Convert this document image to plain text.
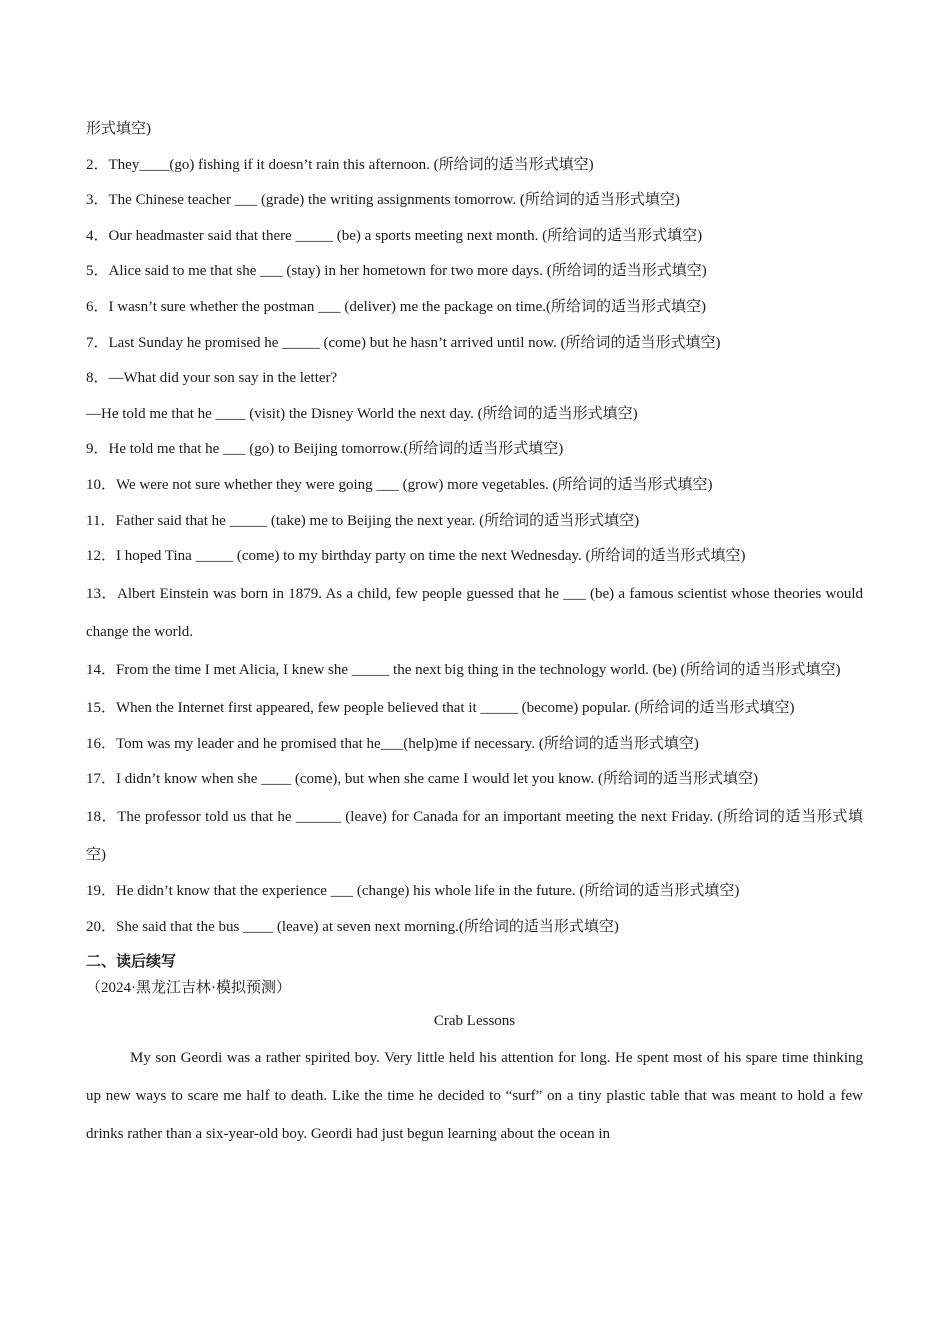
形式填空)
2．They____(go) fishing if it doesn’t rain this afternoon. (所给词的适当形式填空)
3．The Chinese teacher ___ (grade) the writing assignments tomorrow. (所给词的适当形式填空)
4．Our headmaster said that there _____ (be) a sports meeting next month. (所给词的适当形式填空)
5．Alice said to me that she ___ (stay) in her hometown for two more days. (所给词的适当形式填空)
6．I wasn’t sure whether the postman ___ (deliver) me the package on time.(所给词的适当形式填空)
7．Last Sunday he promised he _____ (come) but he hasn’t arrived until now. (所给词的适当形式填空)
8．—What did your son say in the letter?
—He told me that he ____ (visit) the Disney World the next day. (所给词的适当形式填空)
9．He told me that he ___ (go) to Beijing tomorrow.(所给词的适当形式填空)
10．We were not sure whether they were going ___ (grow) more vegetables. (所给词的适当形式填空)
11．Father said that he _____ (take) me to Beijing the next year. (所给词的适当形式填空)
12．I hoped Tina _____ (come) to my birthday party on time the next Wednesday. (所给词的适当形式填空)
13．Albert Einstein was born in 1879. As a child, few people guessed that he ___ (be) a famous scientist whose theories would change the world.
14．From the time I met Alicia, I knew she _____ the next big thing in the technology world. (be) (所给词的适当形式填空)
15．When the Internet first appeared, few people believed that it _____ (become) popular. (所给词的适当形式填空)
16．Tom was my leader and he promised that he___(help)me if necessary. (所给词的适当形式填空)
17．I didn’t know when she ____ (come), but when she came I would let you know. (所给词的适当形式填空)
18．The professor told us that he ______ (leave) for Canada for an important meeting the next Friday. (所给词的适当形式填空)
19．He didn’t know that the experience ___ (change) his whole life in the future. (所给词的适当形式填空)
20．She said that the bus ____ (leave) at seven next morning.(所给词的适当形式填空)
二、读后续写
（2024·黑龙江吉林·模拟预测）
Crab Lessons

My son Geordi was a rather spirited boy. Very little held his attention for long. He spent most of his spare time thinking up new ways to scare me half to death. Like the time he decided to “surf” on a tiny plastic table that was meant to hold a few drinks rather than a six-year-old boy. Geordi had just begun learning about the ocean in
